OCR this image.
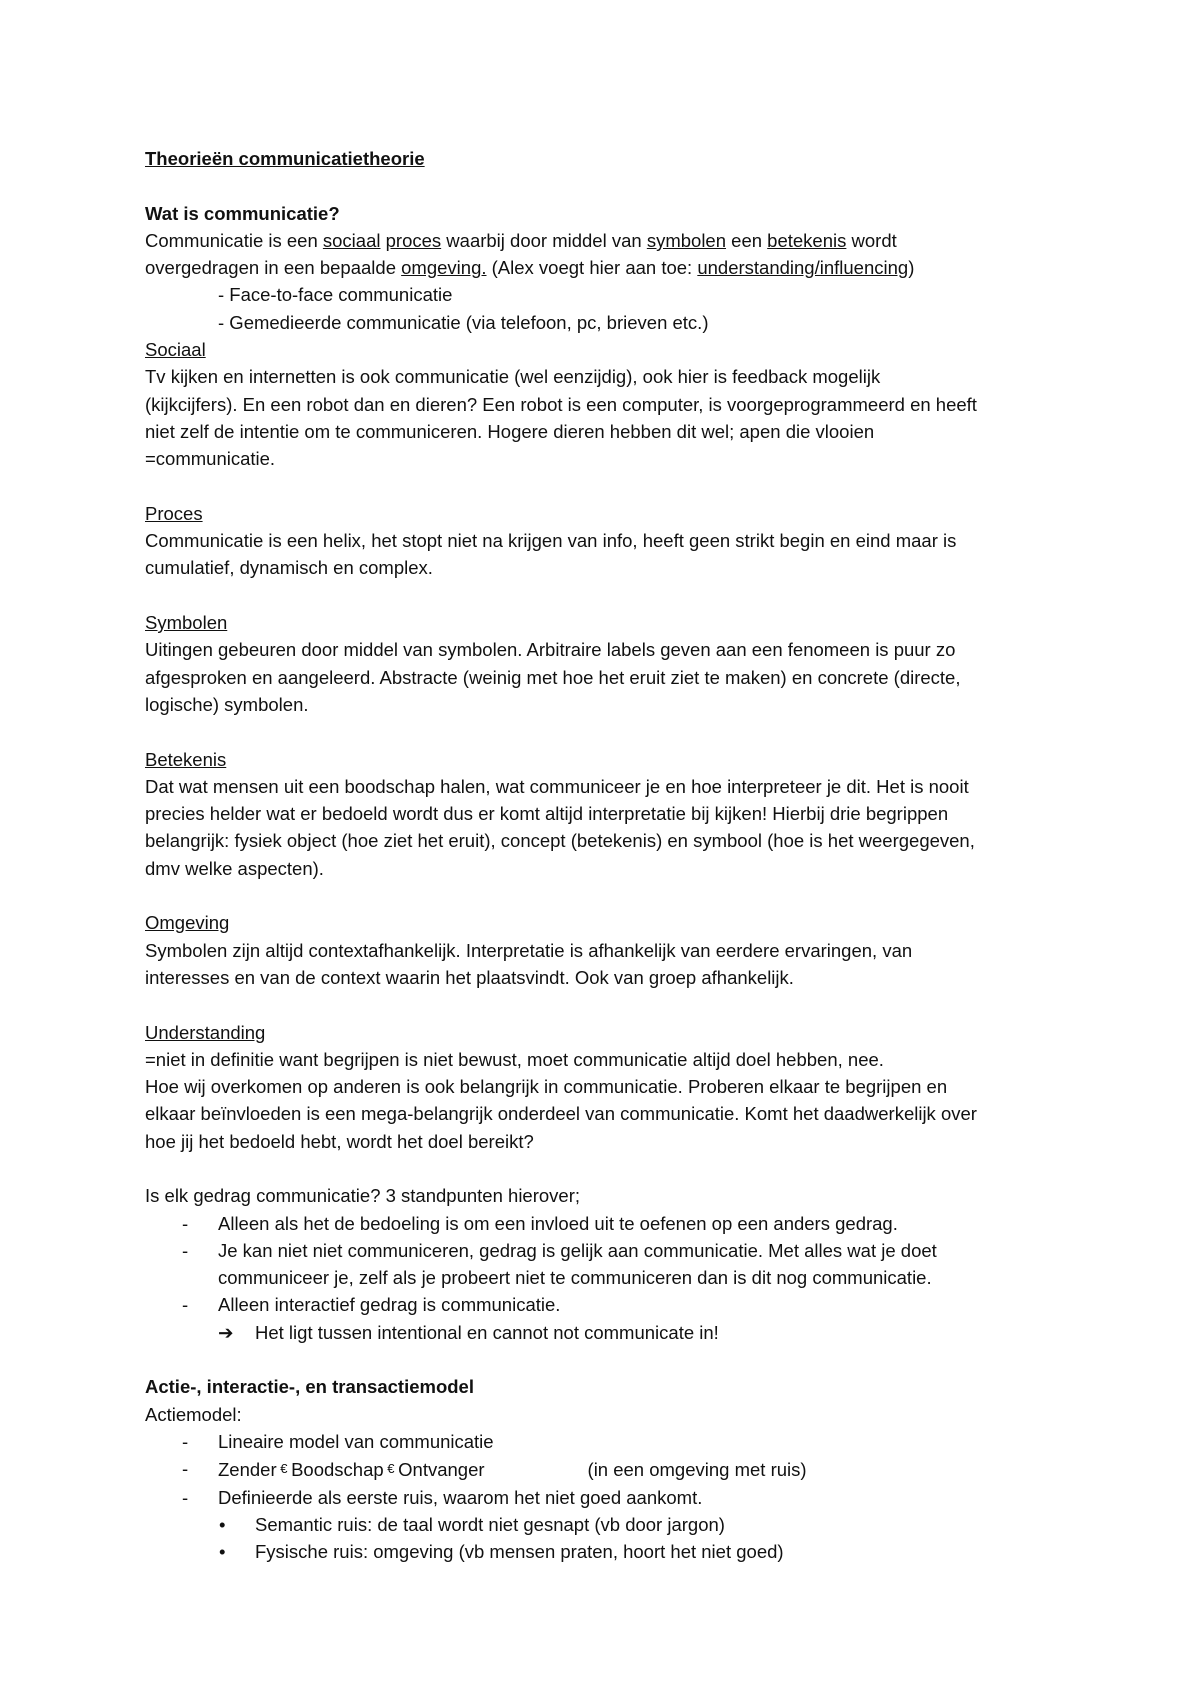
Theorieën communicatietheorie
Wat is communicatie?
Communicatie is een sociaal proces waarbij door middel van symbolen een betekenis wordt
overgedragen in een bepaalde omgeving. (Alex voegt hier aan toe: understanding/influencing)
- Face-to-face communicatie
- Gemedieerde communicatie (via telefoon, pc, brieven etc.)
Sociaal
Tv kijken en internetten is ook communicatie (wel eenzijdig), ook hier is feedback mogelijk
(kijkcijfers). En een robot dan en dieren? Een robot is een computer, is voorgeprogrammeerd en heeft
niet zelf de intentie om te communiceren. Hogere dieren hebben dit wel; apen die vlooien
=communicatie.
Proces
Communicatie is een helix, het stopt niet na krijgen van info, heeft geen strikt begin en eind maar is
cumulatief, dynamisch en complex.
Symbolen
Uitingen gebeuren door middel van symbolen. Arbitraire labels geven aan een fenomeen is puur zo
afgesproken en aangeleerd. Abstracte (weinig met hoe het eruit ziet te maken) en concrete (directe,
logische) symbolen.
Betekenis
Dat wat mensen uit een boodschap halen, wat communiceer je en hoe interpreteer je dit. Het is nooit
precies helder wat er bedoeld wordt dus er komt altijd interpretatie bij kijken! Hierbij drie begrippen
belangrijk: fysiek object (hoe ziet het eruit), concept (betekenis) en symbool (hoe is het weergegeven,
dmv welke aspecten).
Omgeving
Symbolen zijn altijd contextafhankelijk. Interpretatie is afhankelijk van eerdere ervaringen, van
interesses en van de context waarin het plaatsvindt. Ook van groep afhankelijk.
Understanding
=niet in definitie want begrijpen is niet bewust, moet communicatie altijd doel hebben, nee.
Hoe wij overkomen op anderen is ook belangrijk in communicatie. Proberen elkaar te begrijpen en
elkaar beïnvloeden is een mega-belangrijk onderdeel van communicatie. Komt het daadwerkelijk over
hoe jij het bedoeld hebt, wordt het doel bereikt?
Is elk gedrag communicatie? 3 standpunten hierover;
- Alleen als het de bedoeling is om een invloed uit te oefenen op een anders gedrag.
- Je kan niet niet communiceren, gedrag is gelijk aan communicatie. Met alles wat je doet
communiceer je, zelf als je probeert niet te communiceren dan is dit nog communicatie.
- Alleen interactief gedrag is communicatie.
➔ Het ligt tussen intentional en cannot not communicate in!
Actie-, interactie-, en transactiemodel
Actiemodel:
- Lineaire model van communicatie
- Zender € Boodschap € Ontvanger	(in een omgeving met ruis)
- Definieerde als eerste ruis, waarom het niet goed aankomt.
• Semantic ruis: de taal wordt niet gesnapt (vb door jargon)
• Fysische ruis: omgeving (vb mensen praten, hoort het niet goed)
